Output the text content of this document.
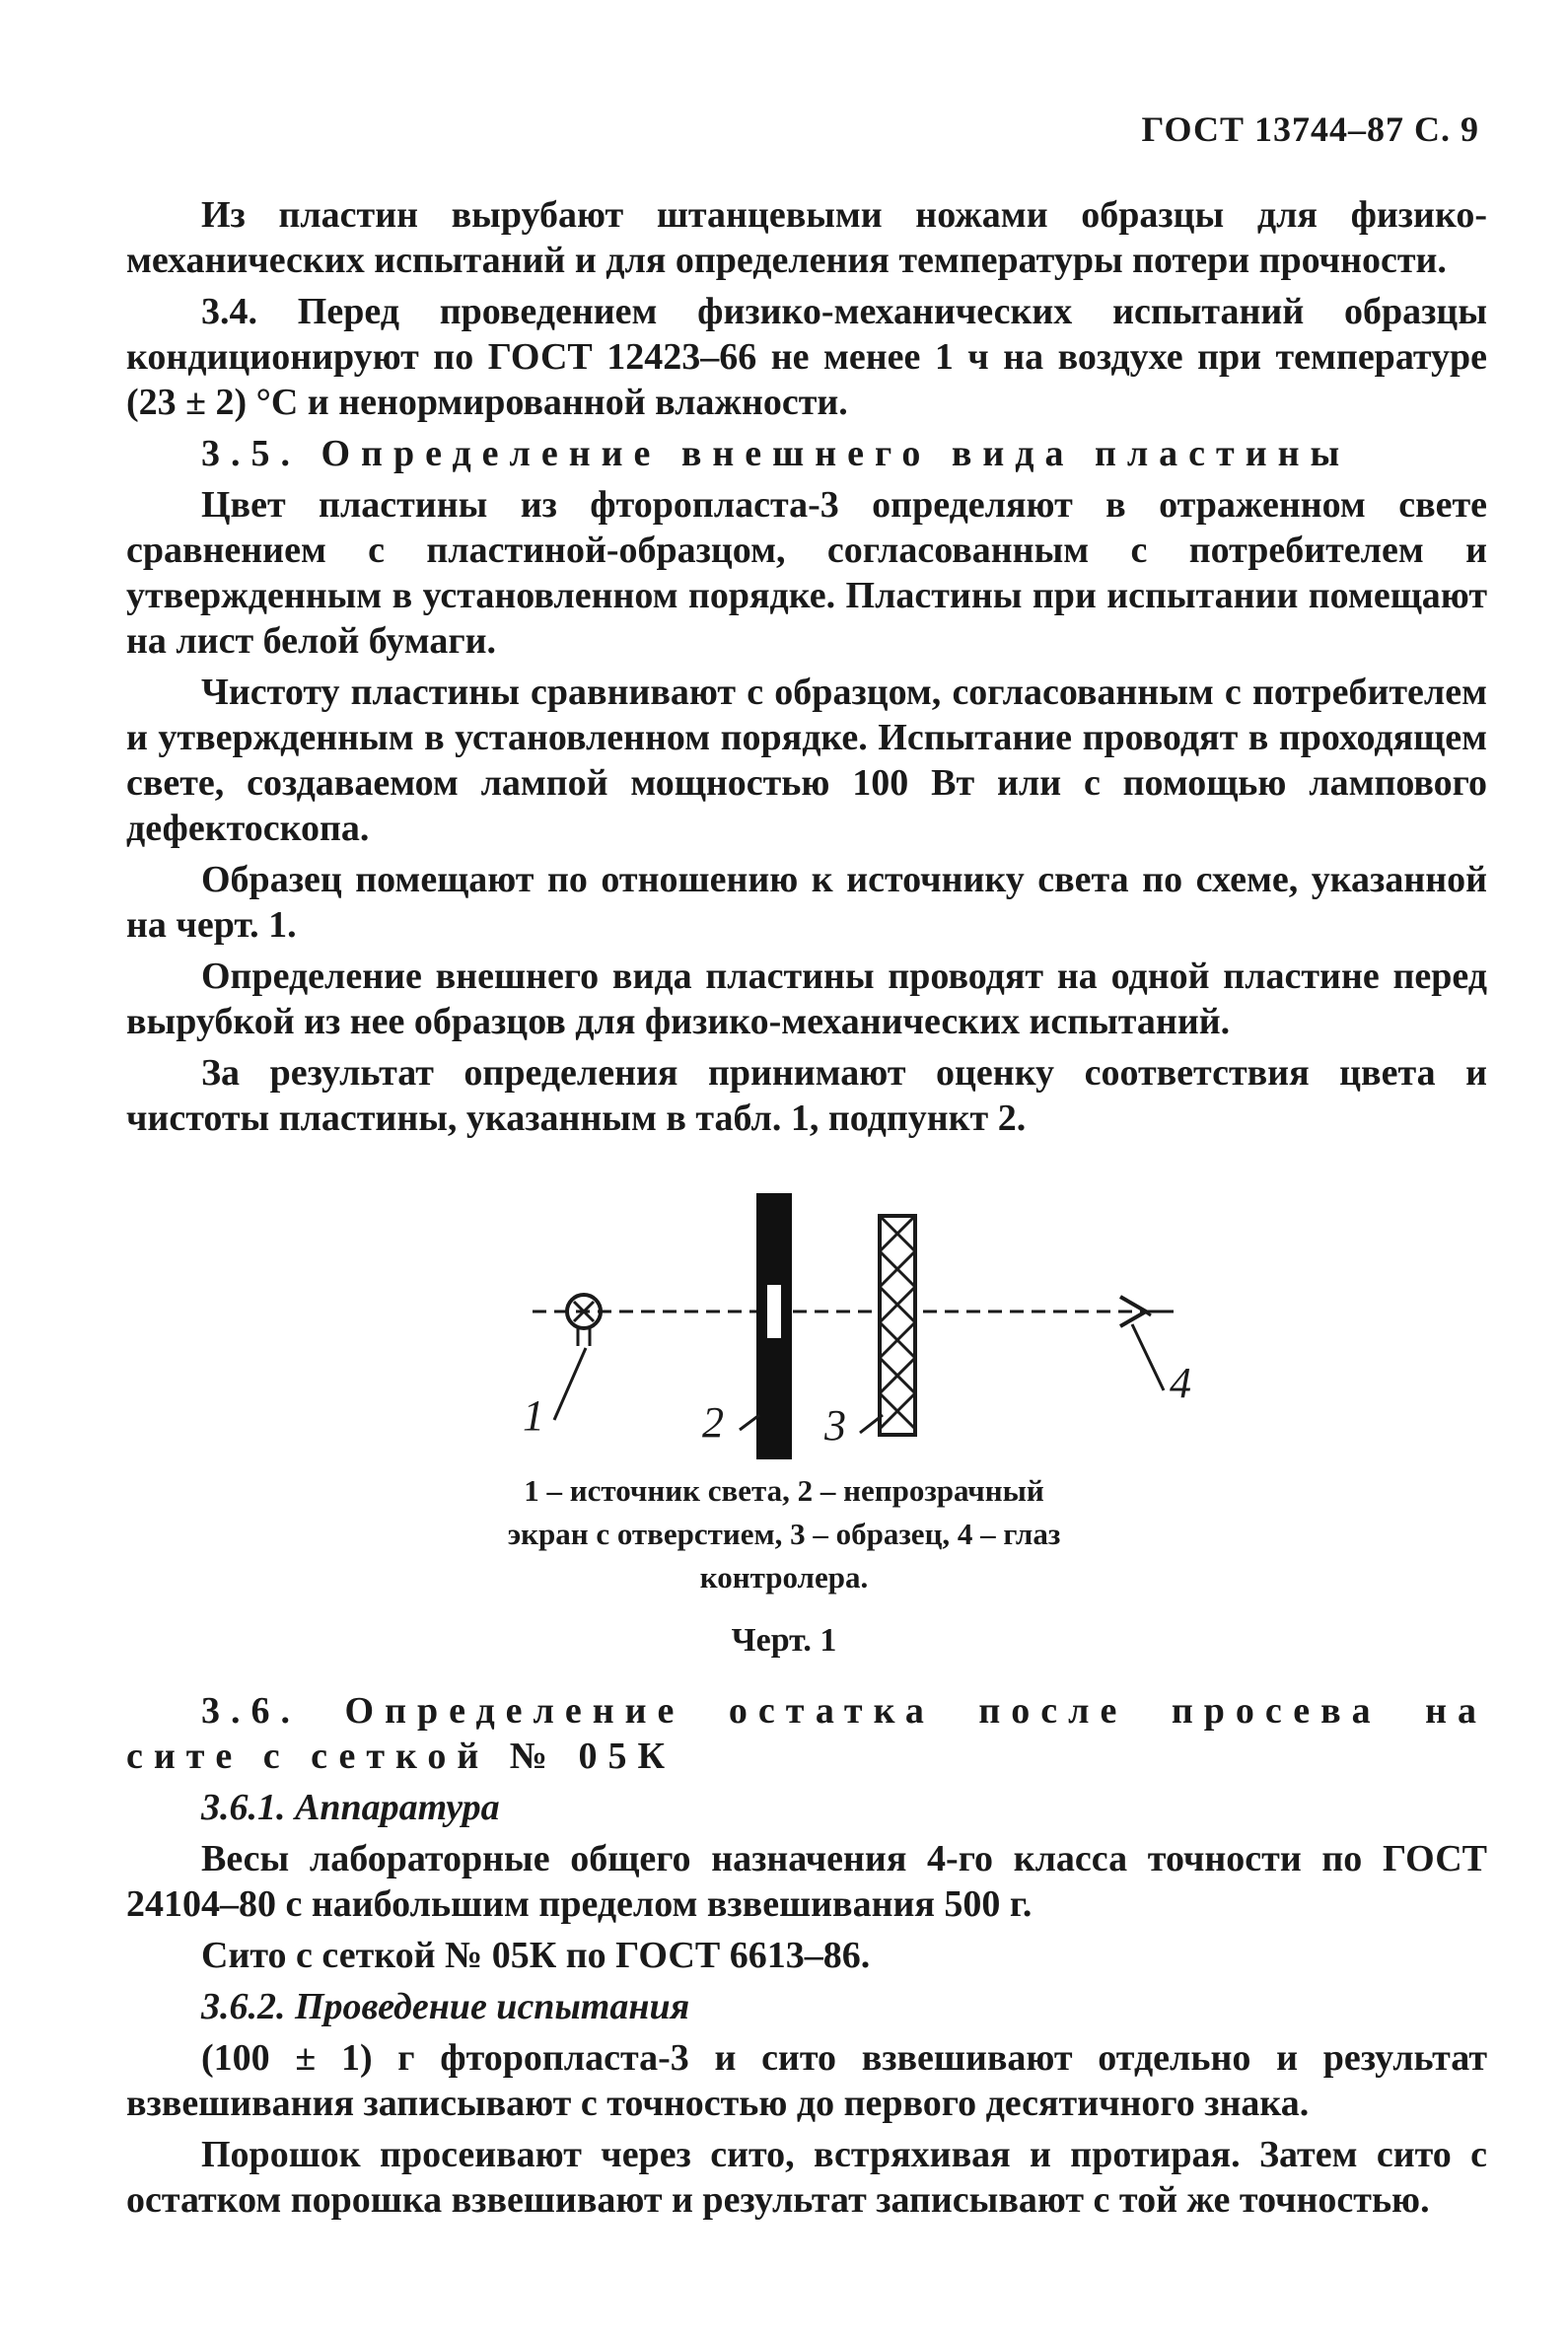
ГОСТ 13744–87 С. 9

Из пластин вырубают штанцевыми ножами образцы для физико-механических испытаний и для определения температуры потери прочности.

3.4. Перед проведением физико-механических испытаний образцы кондиционируют по ГОСТ 12423–66 не менее 1 ч на воздухе при температуре (23 ± 2) °C и ненормированной влажности.

3.5. Определение внешнего вида пластины

Цвет пластины из фторопласта-3 определяют в отраженном свете сравнением с пластиной-образцом, согласованным с потребителем и утвержденным в установленном порядке. Пластины при испытании помещают на лист белой бумаги.

Чистоту пластины сравнивают с образцом, согласованным с потребителем и утвержденным в установленном порядке. Испытание проводят в проходящем свете, создаваемом лампой мощностью 100 Вт или с помощью лампового дефектоскопа.

Образец помещают по отношению к источнику света по схеме, указанной на черт. 1.

Определение внешнего вида пластины проводят на одной пластине перед вырубкой из нее образцов для физико-механических испытаний.

За результат определения принимают оценку соответствия цвета и чистоты пластины, указанным в табл. 1, подпункт 2.

1	2 3
4
1 – источник света, 2 – непрозрачный
экран с отверстием, 3 – образец, 4 – глаз
контролера.
Черт. 1

3.6. Определение остатка после просева на сите с сеткой № 05К

3.6.1. Аппаратура

Весы лабораторные общего назначения 4-го класса точности по ГОСТ 24104–80 с наибольшим пределом взвешивания 500 г.

Сито с сеткой № 05К по ГОСТ 6613–86.

3.6.2. Проведение испытания

(100 ± 1) г фторопласта-3 и сито взвешивают отдельно и результат взвешивания записывают с точностью до первого десятичного знака.

Порошок просеивают через сито, встряхивая и протирая. Затем сито с остатком порошка взвешивают и результат записывают с той же точностью.
